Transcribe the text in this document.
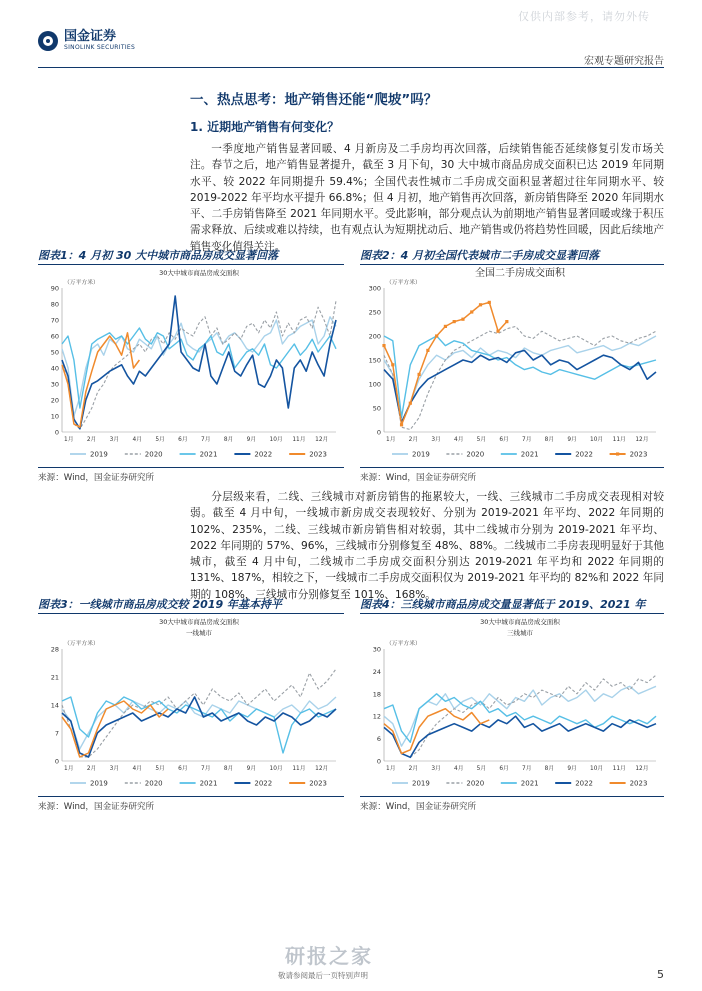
仅供内部参考，请勿外传
国金证券
SINOLINK SECURITIES
宏观专题研究报告
一、热点思考：地产销售还能“爬坡”吗？
1. 近期地产销售有何变化？
一季度地产销售显著回暖、4 月新房及二手房均再次回落，后续销售能否延续修复引发市场关注。春节之后，地产销售显著提升，截至 3 月下旬，30 大中城市商品房成交面积已达 2019 年同期水平、较 2022 年同期提升 59.4%；全国代表性城市二手房成交面积显著超过往年同期水平、较 2019-2022 年平均水平提升 66.8%；但 4 月初，地产销售再次回落，新房销售降至 2020 年同期水平、二手房销售降至 2021 年同期水平。受此影响，部分观点认为前期地产销售显著回暖或缘于积压需求释放、后续或难以持续，也有观点认为短期扰动后、地产销售或仍将趋势性回暖，因此后续地产销售变化值得关注。
图表1：4 月初 30 大中城市商品房成交显著回落
30大中城市商品房成交面积
（万平方米）
0
10
20
30
40
50
60
70
80
90
1月 2月 3月 4月 5月 6月 7月 8月 9月 10月 11月 12月
2019	2020	2021	2022	2023
来源：Wind，国金证券研究所
图表2：4 月初全国代表城市二手房成交显著回落
全国二手房成交面积
（万平方米）
0
50
100
150
200
250
300
1月 2月 3月 4月 5月 6月 7月 8月 9月 10月 11月 12月
2019	2020	2021	2022	2023
来源：Wind，国金证券研究所
分层级来看，二线、三线城市对新房销售的拖累较大，一线、三线城市二手房成交表现相对较弱。截至 4 月中旬，一线城市新房成交表现较好、分别为 2019-2021 年平均、2022 年同期的 102%、235%，二线、三线城市新房销售相对较弱，其中二线城市分别为 2019-2021 年平均、2022 年同期的 57%、96%，三线城市分别修复至 48%、88%。二线城市二手房表现明显好于其他城市，截至 4 月中旬，二线城市二手房成交面积分别达 2019-2021 年平均和 2022 年同期的 131%、187%，相较之下，一线城市二手房成交面积仅为 2019-2021 年平均的 82%和 2022 年同期的 108%，三线城市分别修复至 101%、168%。
图表3：一线城市商品房成交较 2019 年基本持平
30大中城市商品房成交面积
一线城市
（万平方米）
0
7
14
21
28
1月 2月 3月 4月 5月 6月 7月 8月 9月 10月 11月 12月
2019	2020	2021	2022	2023
来源：Wind，国金证券研究所
图表4：三线城市商品房成交量显著低于 2019、2021 年
30大中城市商品房成交面积
三线城市
（万平方米）
0
6
12
18
24
30
1月 2月 3月 4月 5月 6月 7月 8月 9月 10月 11月 12月
2019	2020	2021	2022	2023
来源：Wind，国金证券研究所
研报之家
敬请参阅最后一页特别声明	5
